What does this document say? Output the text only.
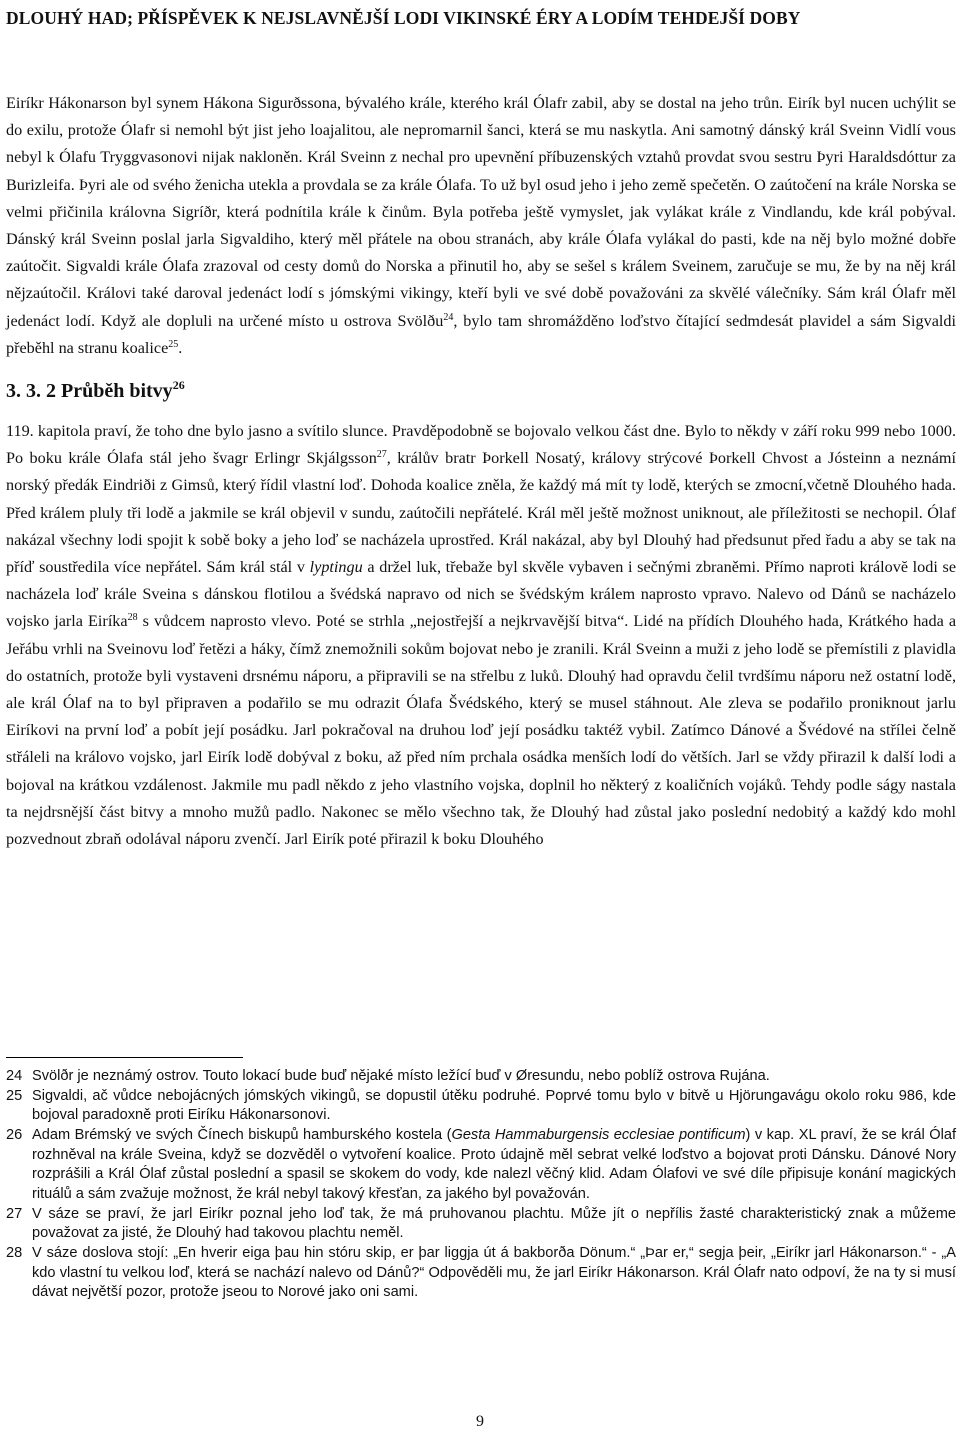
DLOUHÝ HAD; PŘÍSPĚVEK K NEJSLAVNĚJŠÍ LODI VIKINSKÉ ÉRY A LODÍM TEHDEJŠÍ DOBY

Eiríkr Hákonarson byl synem Hákona Sigurðssona, bývalého krále, kterého král Ólafr zabil, aby se dostal na jeho trůn. Eirík byl nucen uchýlit se do exilu, protože Ólafr si nemohl být jist jeho loajalitou, ale nepromarnil šanci, která se mu naskytla. Ani samotný dánský král Sveinn Vidlí vous nebyl k Ólafu Tryggvasonovi nijak nakloněn. Král Sveinn z nechal pro upevnění příbuzenských vztahů provdat svou sestru Þyri Haraldsdóttur za Burizleifa. Þyri ale od svého ženicha utekla a provdala se za krále Ólafa. To už byl osud jeho i jeho země spečetěn. O zaútočení na krále Norska se velmi přičinila královna Sigríðr, která podnítila krále k činům. Byla potřeba ještě vymyslet, jak vylákat krále z Vindlandu, kde král pobýval. Dánský král Sveinn poslal jarla Sigvaldiho, který měl přátele na obou stranách, aby krále Ólafa vylákal do pasti, kde na něj bylo možné dobře zaútočit. Sigvaldi krále Ólafa zrazoval od cesty domů do Norska a přinutil ho, aby se sešel s králem Sveinem, zaručuje se mu, že by na něj král nějzaútočil. Královi také daroval jedenáct lodí s jómskými vikingy, kteří byli ve své době považováni za skvělé válečníky. Sám král Ólafr měl jedenáct lodí. Když ale dopluli na určené místo u ostrova Svölðu$^{24}$, bylo tam shromážděno loďstvo čítající sedmdesát plavidel a sám Sigvaldi přeběhl na stranu koalice$^{25}$.

3. 3. 2 Průběh bitvy$^{26}$

119. kapitola praví, že toho dne bylo jasno a svítilo slunce. Pravděpodobně se bojovalo velkou část dne. Bylo to někdy v září roku 999 nebo 1000. Po boku krále Ólafa stál jeho švagr Erlingr Skjálgsson$^{27}$, králův bratr Þorkell Nosatý, královy strýcové Þorkell Chvost a Jósteinn a neznámí norský předák Eindriði z Gimsů, který řídil vlastní loď. Dohoda koalice zněla, že každý má mít ty lodě, kterých se zmocní,včetně Dlouhého hada. Před králem pluly tři lodě a jakmile se král objevil v sundu, zaútočili nepřátelé. Král měl ještě možnost uniknout, ale příležitosti se nechopil. Ólaf nakázal všechny lodi spojit k sobě boky a jeho loď se nacházela uprostřed. Král nakázal, aby byl Dlouhý had předsunut před řadu a aby se tak na příď soustředila více nepřátel. Sám král stál v lyptingu a držel luk, třebaže byl skvěle vybaven i sečnými zbraněmi. Přímo naproti královĕ lodi se nacházela loď krále Sveina s dánskou flotilou a švédská napravo od nich se švédským králem naprosto vpravo. Nalevo od Dánů se nacházelo vojsko jarla Eiríka$^{28}$ s vůdcem naprosto vlevo. Poté se strhla „nejostřejší a nejkrvavější bitva“. Lidé na přídích Dlouhého hada, Krátkého hada a Jeřábu vrhli na Sveinovu loď řetězi a háky, čímž znemožnili sokům bojovat nebo je zranili. Král Sveinn a muži z jeho lodě se přemístili z plavidla do ostatních, protože byli vystaveni drsnému náporu, a připravili se na střelbu z luků. Dlouhý had opravdu čelil tvrdšímu náporu než ostatní lodě, ale král Ólaf na to byl připraven a podařilo se mu odrazit Ólafa Švédského, který se musel stáhnout. Ale zleva se podařilo proniknout jarlu Eiríkovi na první loď a pobít její posádku. Jarl pokračoval na druhou loď její posádku taktéž vybil. Zatímco Dánové a Švédové na střílei čelně střáleli na královo vojsko, jarl Eirík lodě dobýval z boku, až před ním prchala osádka menších lodí do větších. Jarl se vždy přirazil k další lodi a bojoval na krátkou vzdálenost. Jakmile mu padl někdo z jeho vlastního vojska, doplnil ho některý z koaličních vojáků. Tehdy podle ságy nastala ta nejdrsnější část bitvy a mnoho mužů padlo. Nakonec se mělo všechno tak, že Dlouhý had zůstal jako poslední nedobitý a každý kdo mohl pozvednout zbraň odolával náporu zvenčí. Jarl Eirík poté přirazil k boku Dlouhého

24 Svölðr je neznámý ostrov. Touto lokací bude buď nějaké místo ležící buď v Øresundu, nebo poblíž ostrova Rujána.
25 Sigvaldi, ač vůdce nebojácných jómských vikingů, se dopustil útěku podruhé. Poprvé tomu bylo v bitvě u Hjörungavágu okolo roku 986, kde bojoval paradoxně proti Eiríku Hákonarsonovi.
26 Adam Brémský ve svých Čínech biskupů hamburského kostela (Gesta Hammaburgensis ecclesiae pontificum) v kap. XL praví, že se král Ólaf rozhněval na krále Sveina, když se dozvěděl o vytvoření koalice. Proto údajně měl sebrat velké loďstvo a bojovat proti Dánsku. Dánové Nory rozprášili a Král Ólaf zůstal poslední a spasil se skokem do vody, kde nalezl věčný klid. Adam Ólafovi ve své díle připisuje konání magických rituálů a sám zvažuje možnost, že král nebyl takový křesťan, za jakého byl považován.
27 V sáze se praví, že jarl Eiríkr poznal jeho loď tak, že má pruhovanou plachtu. Může jít o nepřílis žasté charakteristický znak a můžeme považovat za jisté, že Dlouhý had takovou plachtu neměl.
28 V sáze doslova stojí: „En hverir eiga þau hin stóru skip, er þar liggja út á bakborða Dönum.“ „Þar er,“ segja þeir, „Eiríkr jarl Hákonarson.“ - „A kdo vlastní tu velkou loď, která se nachází nalevo od Dánů?“ Odpověděli mu, že jarl Eiríkr Hákonarson. Král Ólafr nato odpoví, že na ty si musí dávat největší pozor, protože jseou to Norové jako oni sami.
9
